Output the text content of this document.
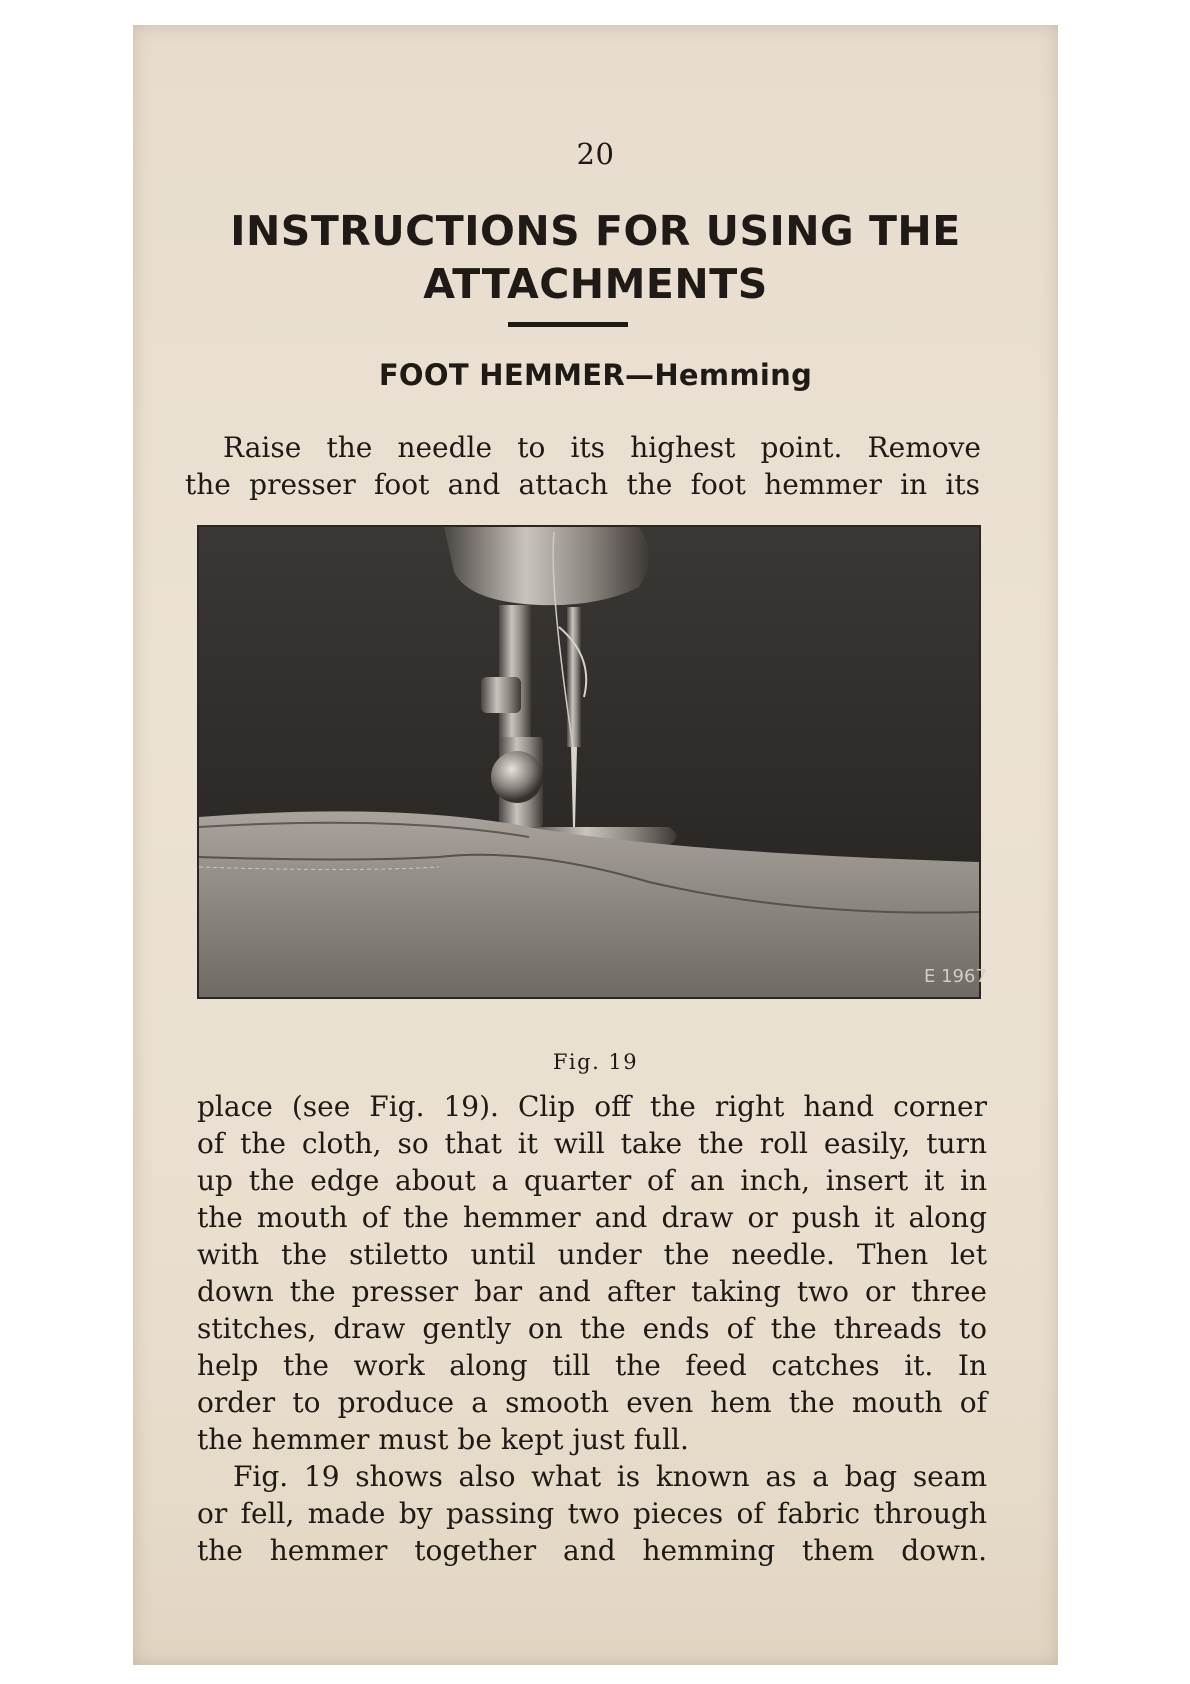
20
INSTRUCTIONS FOR USING THE
ATTACHMENTS
FOOT HEMMER—Hemming

Raise the needle to its highest point. Remove

the presser foot and attach the foot hemmer in its

E 1967
Fig. 19

place (see Fig. 19). Clip off the right hand corner

of the cloth, so that it will take the roll easily, turn

up the edge about a quarter of an inch, insert it in

the mouth of the hemmer and draw or push it along

with the stiletto until under the needle. Then let

down the presser bar and after taking two or three

stitches, draw gently on the ends of the threads to

help the work along till the feed catches it. In

order to produce a smooth even hem the mouth of

the hemmer must be kept just full.

Fig. 19 shows also what is known as a bag seam

or fell, made by passing two pieces of fabric through

the hemmer together and hemming them down.
